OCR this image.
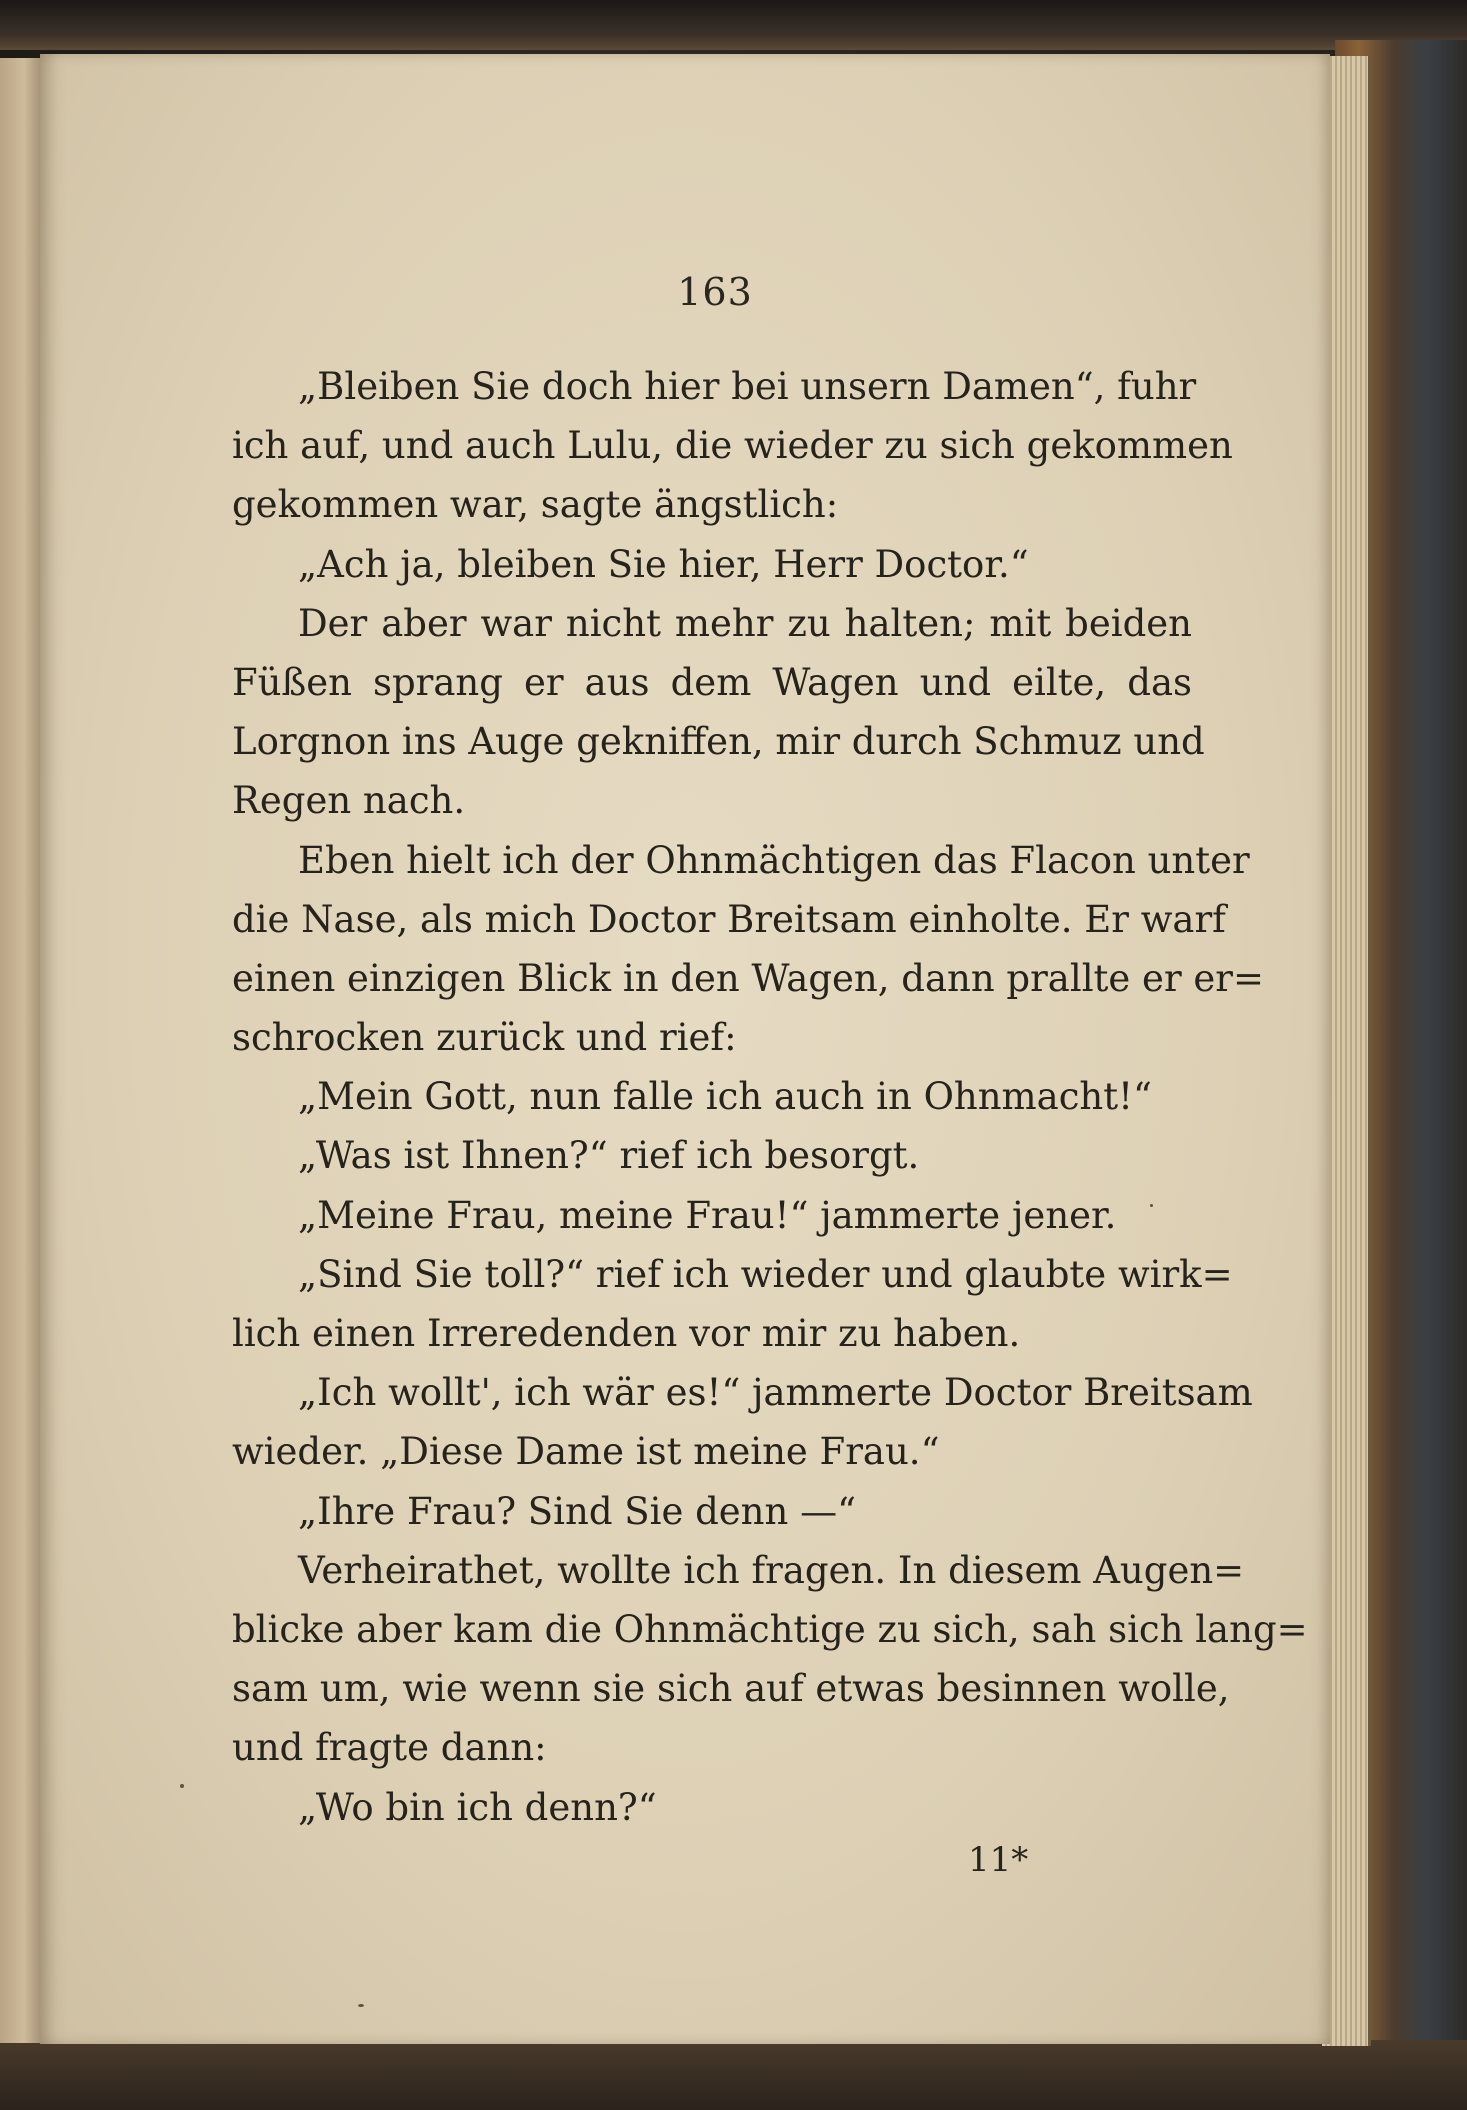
163
„Bleiben Sie doch hier bei unsern Damen“, fuhr
ich auf, und auch Lulu, die wieder zu sich gekommen
gekommen war, sagte ängstlich:
„Ach ja, bleiben Sie hier, Herr Doctor.“
Der aber war nicht mehr zu halten; mit beiden
Füßen sprang er aus dem Wagen und eilte, das
Lorgnon ins Auge gekniffen, mir durch Schmuz und
Regen nach.
Eben hielt ich der Ohnmächtigen das Flacon unter
die Nase, als mich Doctor Breitsam einholte. Er warf
einen einzigen Blick in den Wagen, dann prallte er er=
schrocken zurück und rief:
„Mein Gott, nun falle ich auch in Ohnmacht!“
„Was ist Ihnen?“ rief ich besorgt.
„Meine Frau, meine Frau!“ jammerte jener.
„Sind Sie toll?“ rief ich wieder und glaubte wirk=
lich einen Irreredenden vor mir zu haben.
„Ich wollt', ich wär es!“ jammerte Doctor Breitsam
wieder. „Diese Dame ist meine Frau.“
„Ihre Frau? Sind Sie denn —“
Verheirathet, wollte ich fragen. In diesem Augen=
blicke aber kam die Ohnmächtige zu sich, sah sich lang=
sam um, wie wenn sie sich auf etwas besinnen wolle,
und fragte dann:
„Wo bin ich denn?“
11*
